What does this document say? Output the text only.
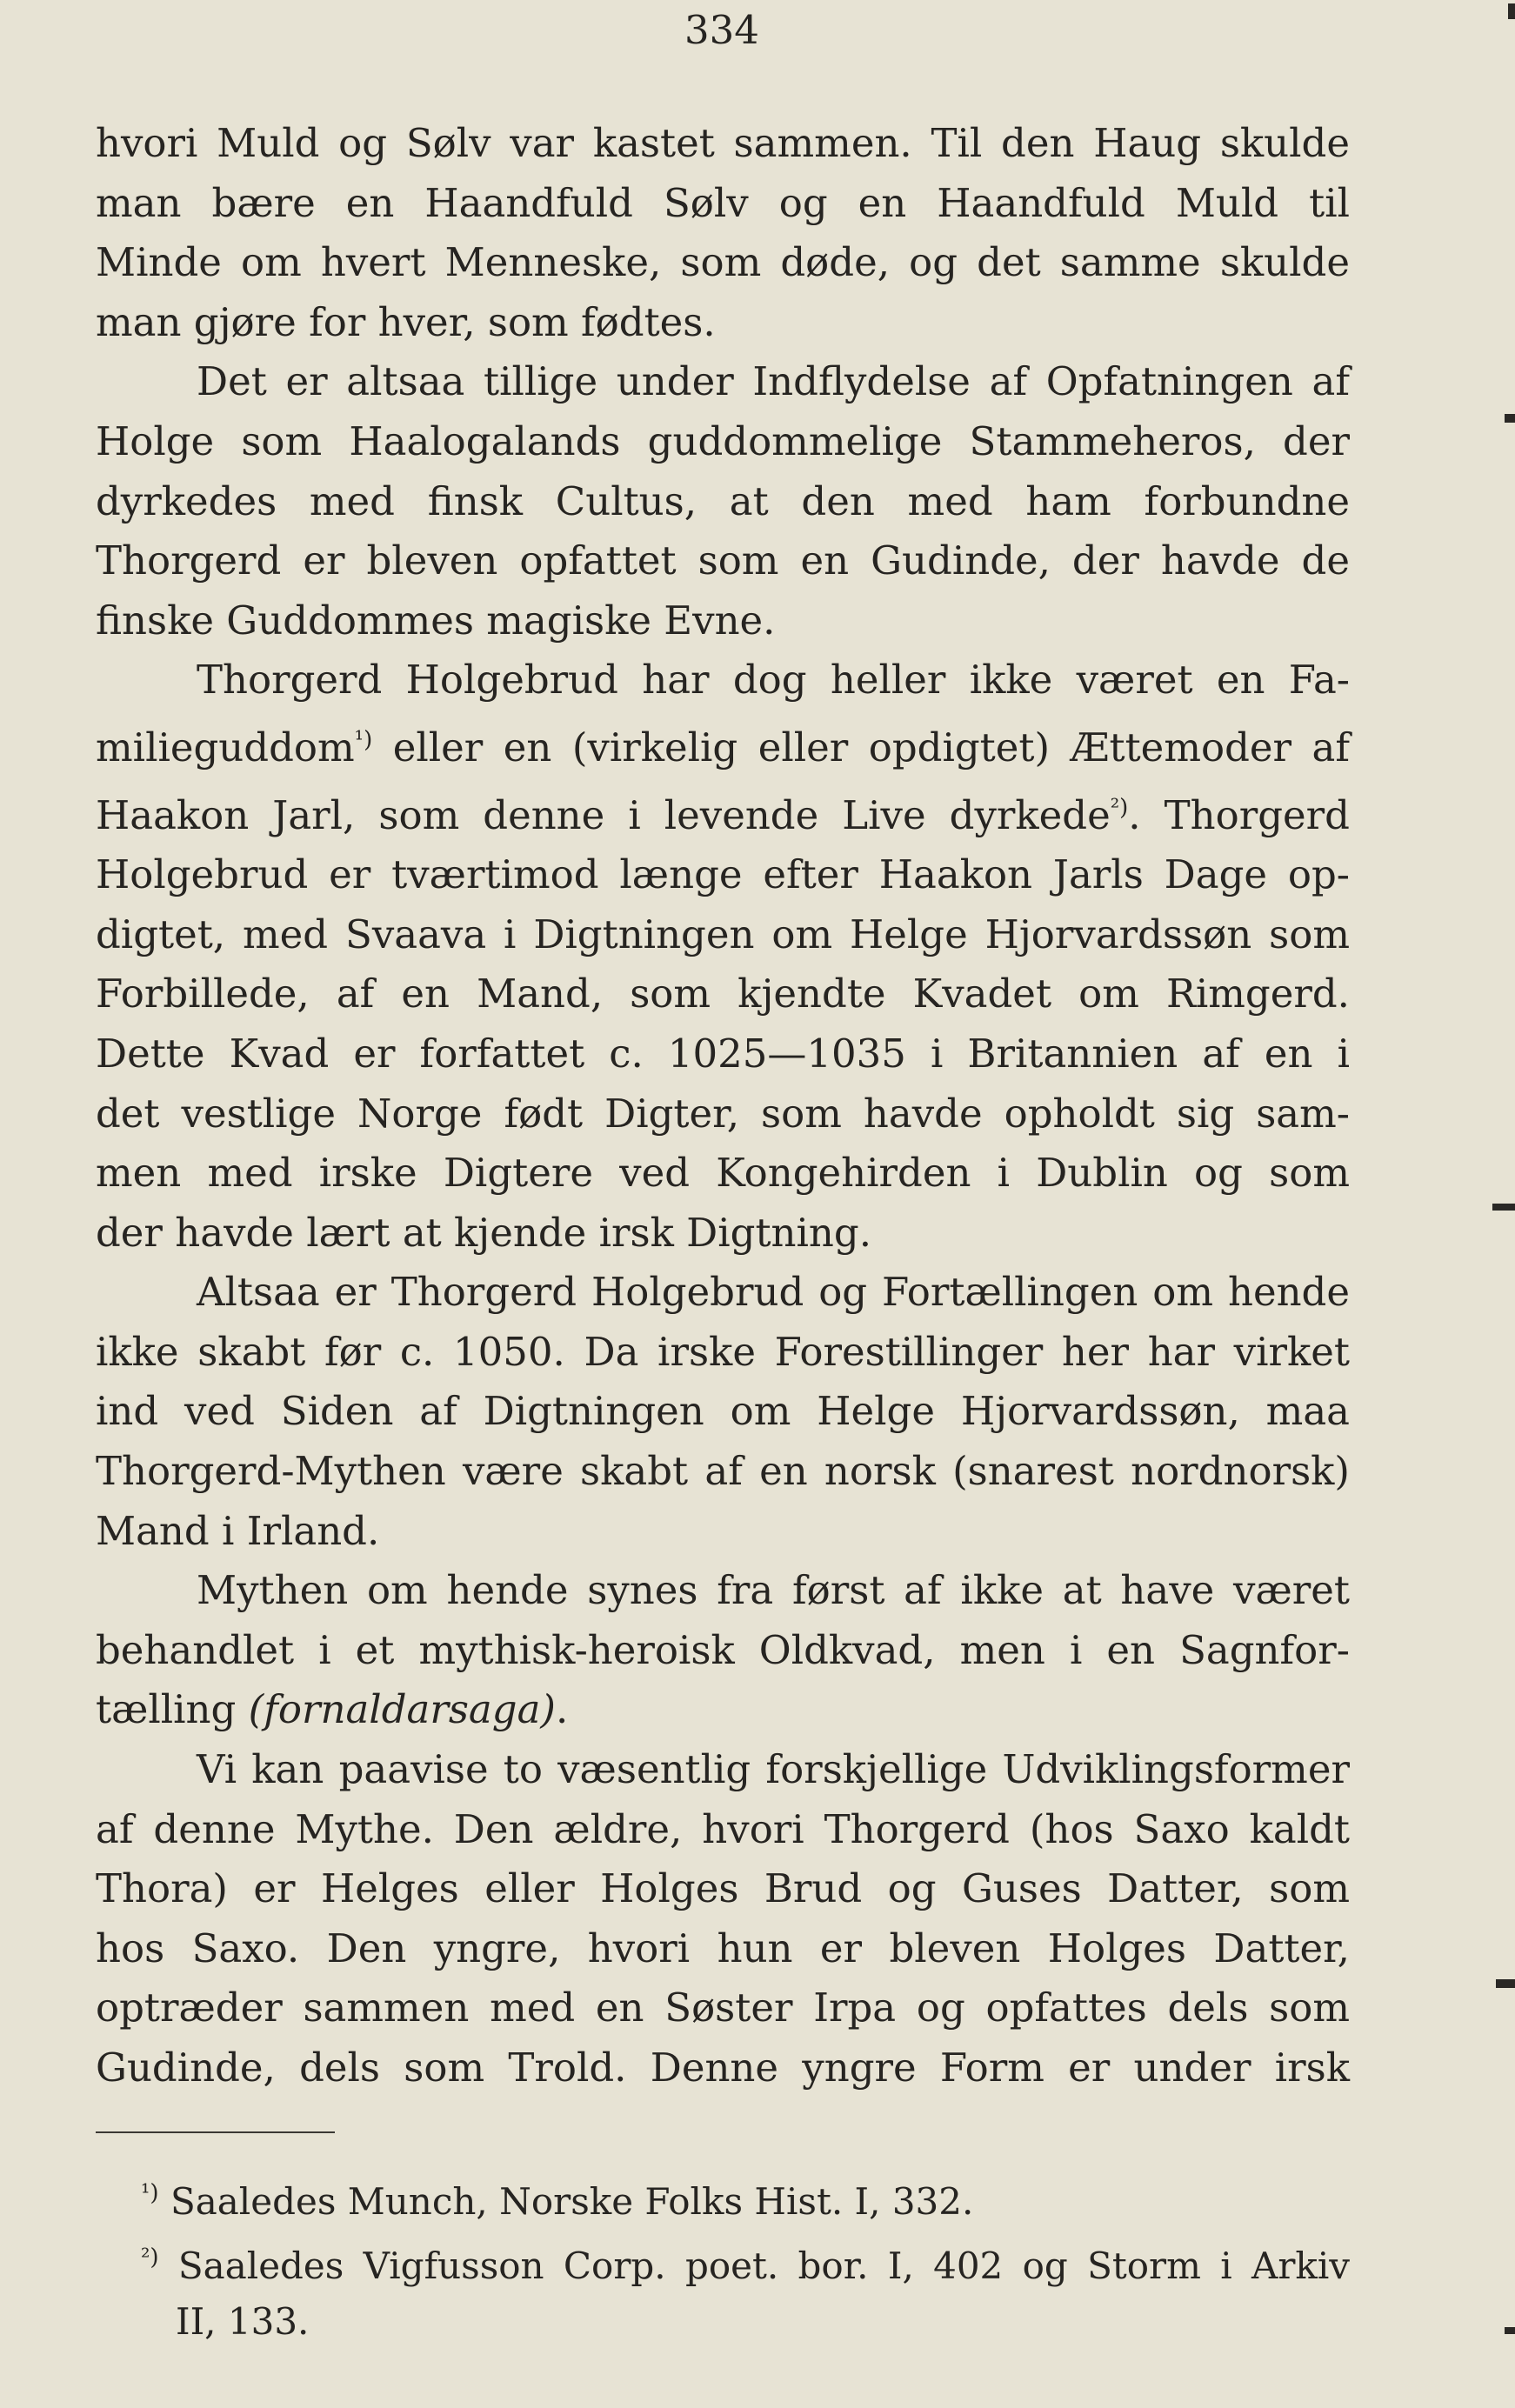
334
hvori Muld og Sølv var kastet sammen. Til den Haug skulde
man bære en Haandfuld Sølv og en Haandfuld Muld til
Minde om hvert Menneske, som døde, og det samme skulde
man gjøre for hver, som fødtes.
Det er altsaa tillige under Indflydelse af Opfatningen af
Holge som Haalogalands guddommelige Stammeheros, der
dyrkedes med finsk Cultus, at den med ham forbundne
Thorgerd er bleven opfattet som en Gudinde, der havde de
finske Guddommes magiske Evne.
Thorgerd Holgebrud har dog heller ikke været en Fa-
milieguddom$^{^1)}$ eller en (virkelig eller opdigtet) Ættemoder af
Haakon Jarl, som denne i levende Live dyrkede$^{^2)}$. Thorgerd
Holgebrud er tværtimod længe efter Haakon Jarls Dage op-
digtet, med Svaava i Digtningen om Helge Hjorvardssøn som
Forbillede, af en Mand, som kjendte Kvadet om Rimgerd.
Dette Kvad er forfattet c. 1025—1035 i Britannien af en i
det vestlige Norge født Digter, som havde opholdt sig sam-
men med irske Digtere ved Kongehirden i Dublin og som
der havde lært at kjende irsk Digtning.
Altsaa er Thorgerd Holgebrud og Fortællingen om hende
ikke skabt før c. 1050. Da irske Forestillinger her har virket
ind ved Siden af Digtningen om Helge Hjorvardssøn, maa
Thorgerd-Mythen være skabt af en norsk (snarest nordnorsk)
Mand i Irland.
Mythen om hende synes fra først af ikke at have været
behandlet i et mythisk-heroisk Oldkvad, men i en Sagnfor-
tælling (fornaldarsaga).
Vi kan paavise to væsentlig forskjellige Udviklingsformer
af denne Mythe. Den ældre, hvori Thorgerd (hos Saxo kaldt
Thora) er Helges eller Holges Brud og Guses Datter, som
hos Saxo. Den yngre, hvori hun er bleven Holges Datter,
optræder sammen med en Søster Irpa og opfattes dels som
Gudinde, dels som Trold. Denne yngre Form er under irsk
$^{^1)}$ Saaledes Munch, Norske Folks Hist. I, 332.
$^{^2)}$ Saaledes Vigfusson Corp. poet. bor. I, 402 og Storm i Arkiv
II, 133.
